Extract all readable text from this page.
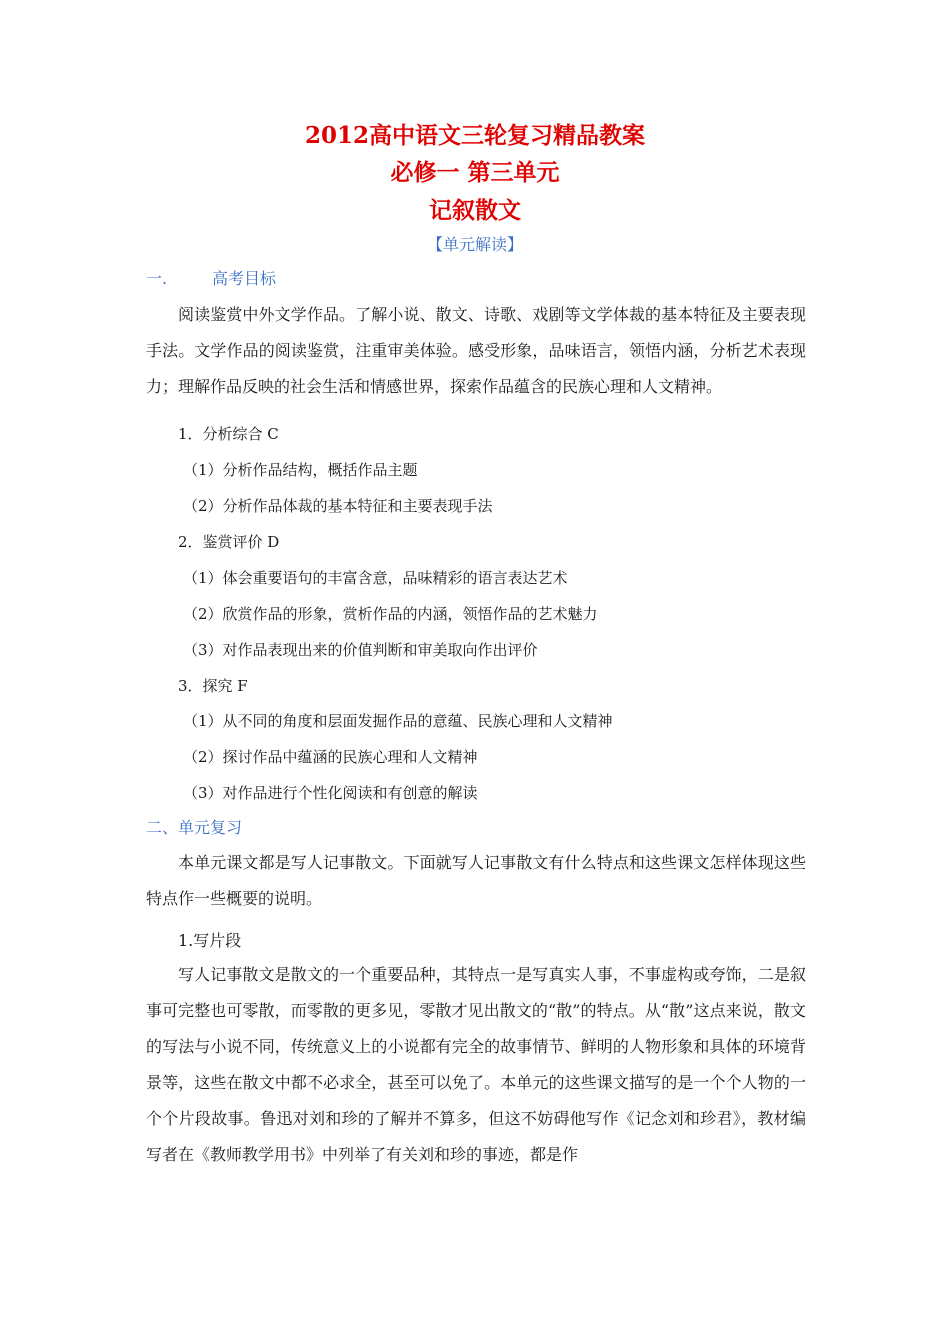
2012高中语文三轮复习精品教案
必修一 第三单元
记叙散文
【单元解读】
一.	高考目标

阅读鉴赏中外文学作品。了解小说、散文、诗歌、戏剧等文学体裁的基本特征及主要表现手法。文学作品的阅读鉴赏，注重审美体验。感受形象，品味语言，领悟内涵，分析艺术表现力；理解作品反映的社会生活和情感世界，探索作品蕴含的民族心理和人文精神。

1．分析综合 C
（1）分析作品结构，概括作品主题
（2）分析作品体裁的基本特征和主要表现手法
2．鉴赏评价 D
（1）体会重要语句的丰富含意，品味精彩的语言表达艺术
（2）欣赏作品的形象，赏析作品的内涵，领悟作品的艺术魅力
（3）对作品表现出来的价值判断和审美取向作出评价
3．探究 F
（1）从不同的角度和层面发掘作品的意蕴、民族心理和人文精神
（2）探讨作品中蕴涵的民族心理和人文精神
（3）对作品进行个性化阅读和有创意的解读
二、单元复习

本单元课文都是写人记事散文。下面就写人记事散文有什么特点和这些课文怎样体现这些特点作一些概要的说明。

1.写片段

写人记事散文是散文的一个重要品种，其特点一是写真实人事，不事虚构或夸饰，二是叙事可完整也可零散，而零散的更多见，零散才见出散文的“散”的特点。从“散”这点来说，散文的写法与小说不同，传统意义上的小说都有完全的故事情节、鲜明的人物形象和具体的环境背景等，这些在散文中都不必求全，甚至可以免了。本单元的这些课文描写的是一个个人物的一个个片段故事。鲁迅对刘和珍的了解并不算多，但这不妨碍他写作《记念刘和珍君》，教材编写者在《教师教学用书》中列举了有关刘和珍的事迹，都是作
